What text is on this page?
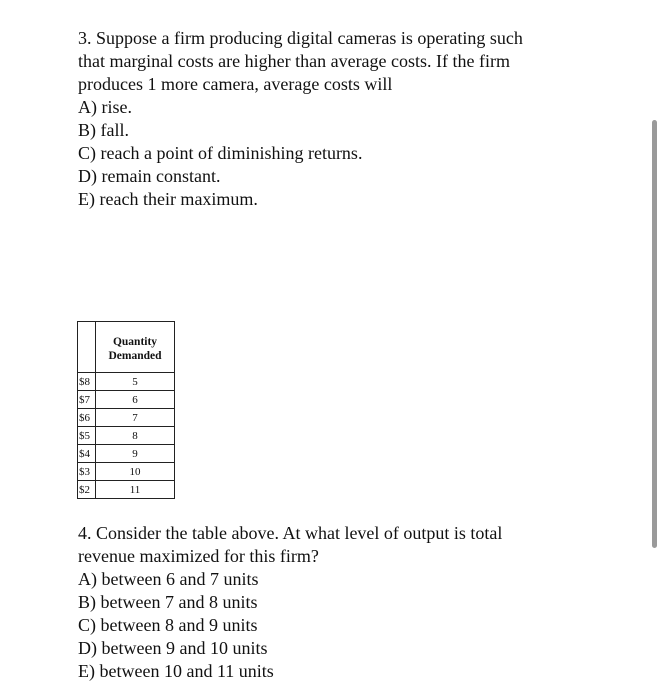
3. Suppose a firm producing digital cameras is operating such
that marginal costs are higher than average costs. If the firm
produces 1 more camera, average costs will
A) rise.
B) fall.
C) reach a point of diminishing returns.
D) remain constant.
E) reach their maximum.
	Quantity
Demanded
$8	5
$7	6
$6	7
$5	8
$4	9
$3	10
$2	11
4. Consider the table above. At what level of output is total
revenue maximized for this firm?
A) between 6 and 7 units
B) between 7 and 8 units
C) between 8 and 9 units
D) between 9 and 10 units
E) between 10 and 11 units
